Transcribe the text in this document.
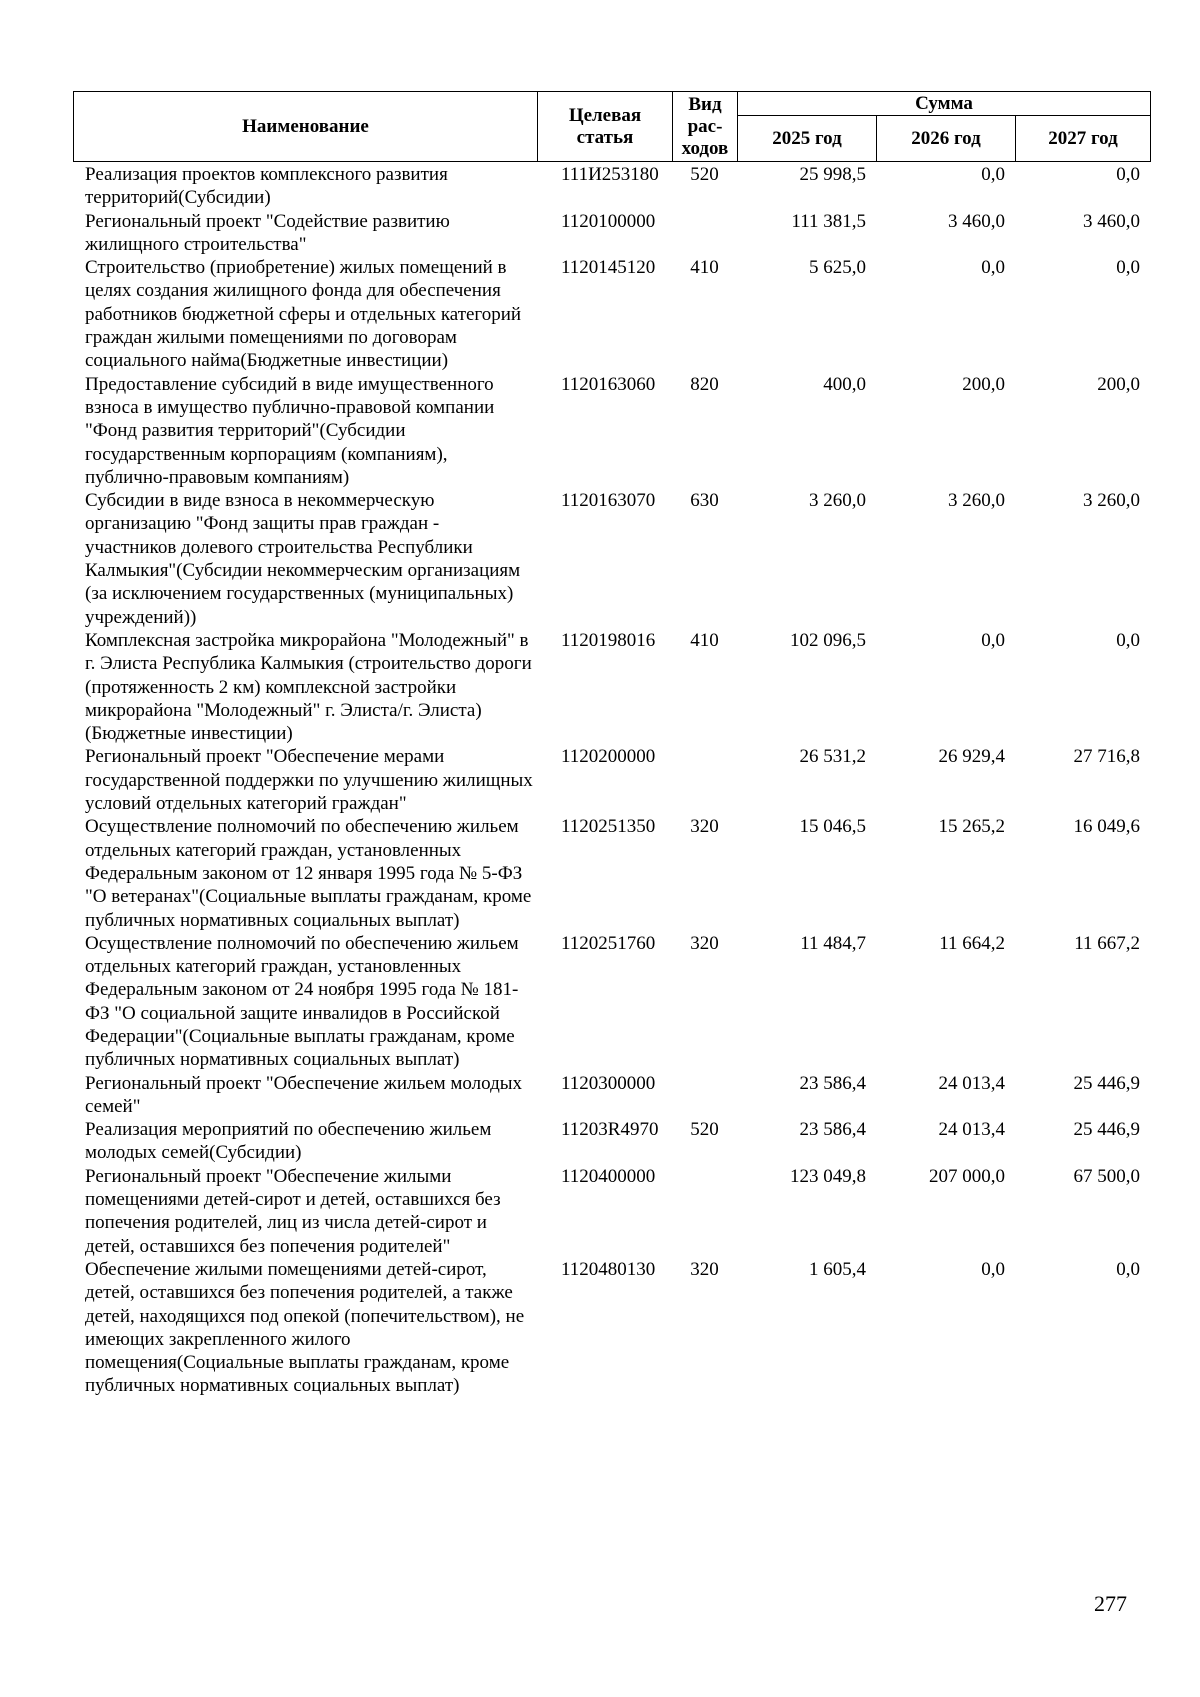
Наименование	Целевая статья	Вид рас-ходов	Сумма		
			2025 год	2026 год	2027 год
Реализация проектов комплексного развития территорий(Субсидии)	111И253180	520	25 998,5	0,0	0,0
Региональный проект "Содействие развитию жилищного строительства"	1120100000		111 381,5	3 460,0	3 460,0
Строительство (приобретение) жилых помещений в целях создания жилищного фонда для обеспечения работников бюджетной сферы и отдельных категорий граждан жилыми помещениями по договорам социального найма(Бюджетные инвестиции)	1120145120	410	5 625,0	0,0	0,0
Предоставление субсидий в виде имущественного взноса в имущество публично-правовой компании "Фонд развития территорий"(Субсидии государственным корпорациям (компаниям), публично-правовым компаниям)	1120163060	820	400,0	200,0	200,0
Субсидии в виде взноса в некоммерческую организацию "Фонд защиты прав граждан - участников долевого строительства Республики Калмыкия"(Субсидии некоммерческим организациям (за исключением государственных (муниципальных) учреждений))	1120163070	630	3 260,0	3 260,0	3 260,0
Комплексная застройка микрорайона "Молодежный" в г. Элиста Республика Калмыкия (строительство дороги (протяженность 2 км) комплексной застройки микрорайона "Молодежный" г. Элиста/г. Элиста)(Бюджетные инвестиции)	1120198016	410	102 096,5	0,0	0,0
Региональный проект "Обеспечение мерами государственной поддержки по улучшению жилищных условий отдельных категорий граждан"	1120200000		26 531,2	26 929,4	27 716,8
Осуществление полномочий по обеспечению жильем отдельных категорий граждан, установленных Федеральным законом от 12 января 1995 года № 5-ФЗ "О ветеранах"(Социальные выплаты гражданам, кроме публичных нормативных социальных выплат)	1120251350	320	15 046,5	15 265,2	16 049,6
Осуществление полномочий по обеспечению жильем отдельных категорий граждан, установленных Федеральным законом от 24 ноября 1995 года № 181-ФЗ "О социальной защите инвалидов в Российской Федерации"(Социальные выплаты гражданам, кроме публичных нормативных социальных выплат)	1120251760	320	11 484,7	11 664,2	11 667,2
Региональный проект "Обеспечение жильем молодых семей"	1120300000		23 586,4	24 013,4	25 446,9
Реализация мероприятий по обеспечению жильем молодых семей(Субсидии)	11203R4970	520	23 586,4	24 013,4	25 446,9
Региональный проект "Обеспечение жилыми помещениями детей-сирот и детей, оставшихся без попечения родителей, лиц из числа детей-сирот и детей, оставшихся без попечения родителей"	1120400000		123 049,8	207 000,0	67 500,0
Обеспечение жилыми помещениями детей-сирот, детей, оставшихся без попечения родителей, а также детей, находящихся под опекой (попечительством), не имеющих закрепленного жилого помещения(Социальные выплаты гражданам, кроме публичных нормативных социальных выплат)	1120480130	320	1 605,4	0,0	0,0
277
